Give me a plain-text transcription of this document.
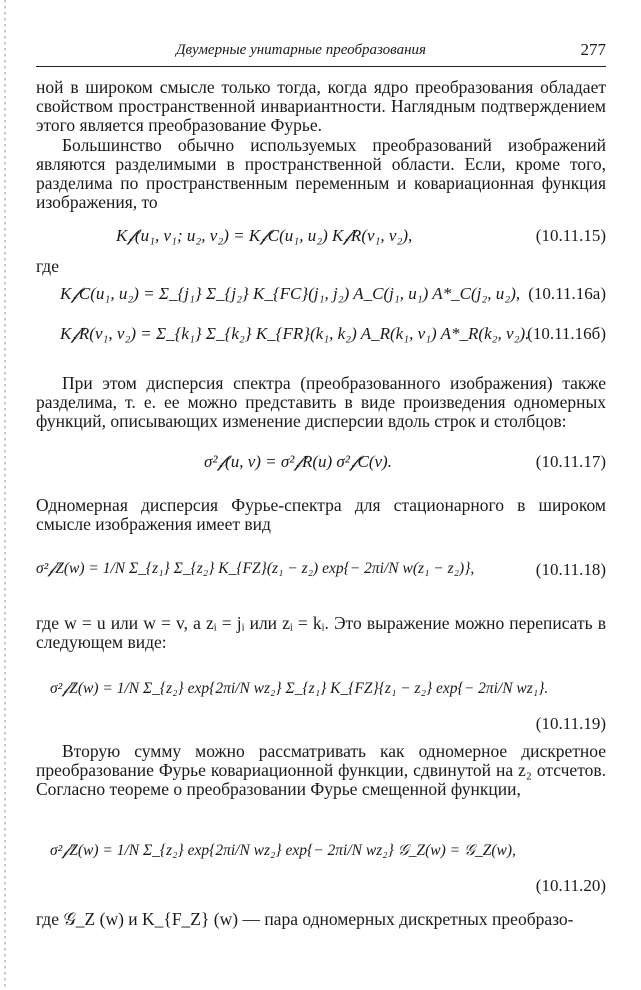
Двумерные унитарные преобразования	277

ной в широком смысле только тогда, когда ядро преобразования обладает свойством пространственной инвариантности. Наглядным подтверждением этого является преобразование Фурье.

Большинство обычно используемых преобразований изображений являются разделимыми в пространственной области. Если, кроме того, разделима по пространственным переменным и ковариационная функция изображения, то

K𝒻(u₁, v₁; u₂, v₂) = K𝒻C(u₁, u₂) K𝒻R(v₁, v₂),	(10.11.15)
где
K𝒻C(u₁, u₂) = Σ_{j₁} Σ_{j₂} K_{FC}(j₁, j₂) A_C(j₁, u₁) A*_C(j₂, u₂), (10.11.16а)
K𝒻R(v₁, v₂) = Σ_{k₁} Σ_{k₂} K_{FR}(k₁, k₂) A_R(k₁, v₁) A*_R(k₂, v₂).
(10.11.16б)

При этом дисперсия спектра (преобразованного изображения) также разделима, т. е. ее можно представить в виде произведения одномерных функций, описывающих изменение дисперсии вдоль строк и столбцов:

σ²𝒻(u, v) = σ²𝒻R(u) σ²𝒻C(v).	(10.11.17)

Одномерная дисперсия Фурье-спектра для стационарного в широком смысле изображения имеет вид

σ²𝒻Z(w) = 1/N Σ_{z₁} Σ_{z₂} K_{FZ}(z₁ − z₂) exp{− 2πi/N w(z₁ − z₂)},	(10.11.18)

где w = u или w = v, а zᵢ = jᵢ или zᵢ = kᵢ. Это выражение можно переписать в следующем виде:

σ²𝒻Z(w) = 1/N Σ_{z₂} exp{2πi/N wz₂} Σ_{z₁} K_{FZ}{z₁ − z₂} exp{− 2πi/N wz₁}.
(10.11.19)

Вторую сумму можно рассматривать как одномерное дискретное преобразование Фурье ковариационной функции, сдвинутой на z₂ отсчетов. Согласно теореме о преобразовании Фурье смещенной функции,

σ²𝒻Z(w) = 1/N Σ_{z₂} exp{2πi/N wz₂} exp{− 2πi/N wz₂} 𝒢_Z(w) = 𝒢_Z(w),
(10.11.20)

где 𝒢_Z (w) и K_{F_Z} (w) — пара одномерных дискретных преобразо-
